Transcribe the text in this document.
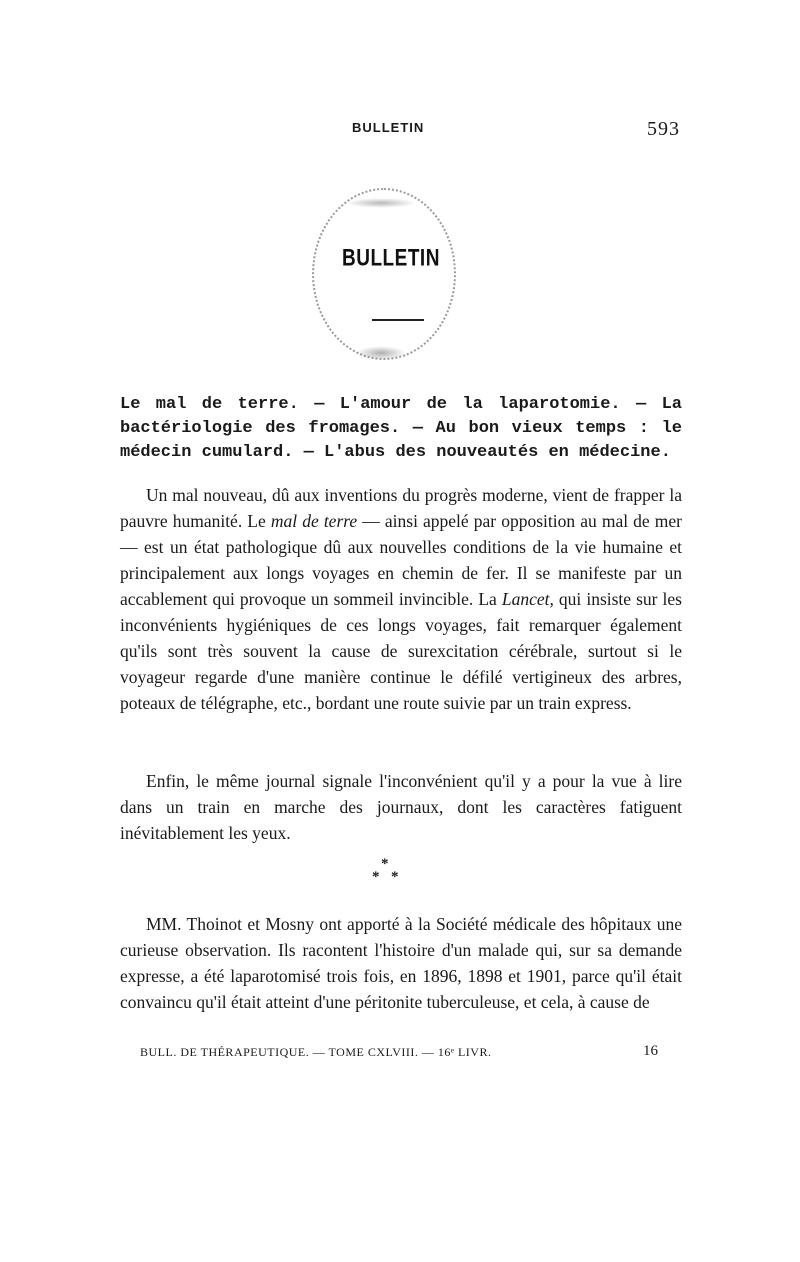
BULLETIN	593
BULLETIN

Le mal de terre. — L'amour de la laparotomie. — La bactériologie des fromages. — Au bon vieux temps : le médecin cumulard. — L'abus des nouveautés en médecine.

Un mal nouveau, dû aux inventions du progrès moderne, vient de frapper la pauvre humanité. Le mal de terre — ainsi appelé par opposition au mal de mer — est un état pathologique dû aux nouvelles conditions de la vie humaine et principalement aux longs voyages en chemin de fer. Il se manifeste par un accablement qui provoque un sommeil invincible. La Lancet, qui insiste sur les inconvénients hygiéniques de ces longs voyages, fait remarquer également qu'ils sont très souvent la cause de surexcitation cérébrale, surtout si le voyageur regarde d'une manière continue le défilé vertigineux des arbres, poteaux de télégraphe, etc., bordant une route suivie par un train express.

Enfin, le même journal signale l'inconvénient qu'il y a pour la vue à lire dans un train en marche des journaux, dont les caractères fatiguent inévitablement les yeux.

*
* *

MM. Thoinot et Mosny ont apporté à la Société médicale des hôpitaux une curieuse observation. Ils racontent l'histoire d'un malade qui, sur sa demande expresse, a été laparotomisé trois fois, en 1896, 1898 et 1901, parce qu'il était convaincu qu'il était atteint d'une péritonite tuberculeuse, et cela, à cause de

BULL. DE THÉRAPEUTIQUE. — TOME CXLVIII. — 16ᵉ LIVR.	16
